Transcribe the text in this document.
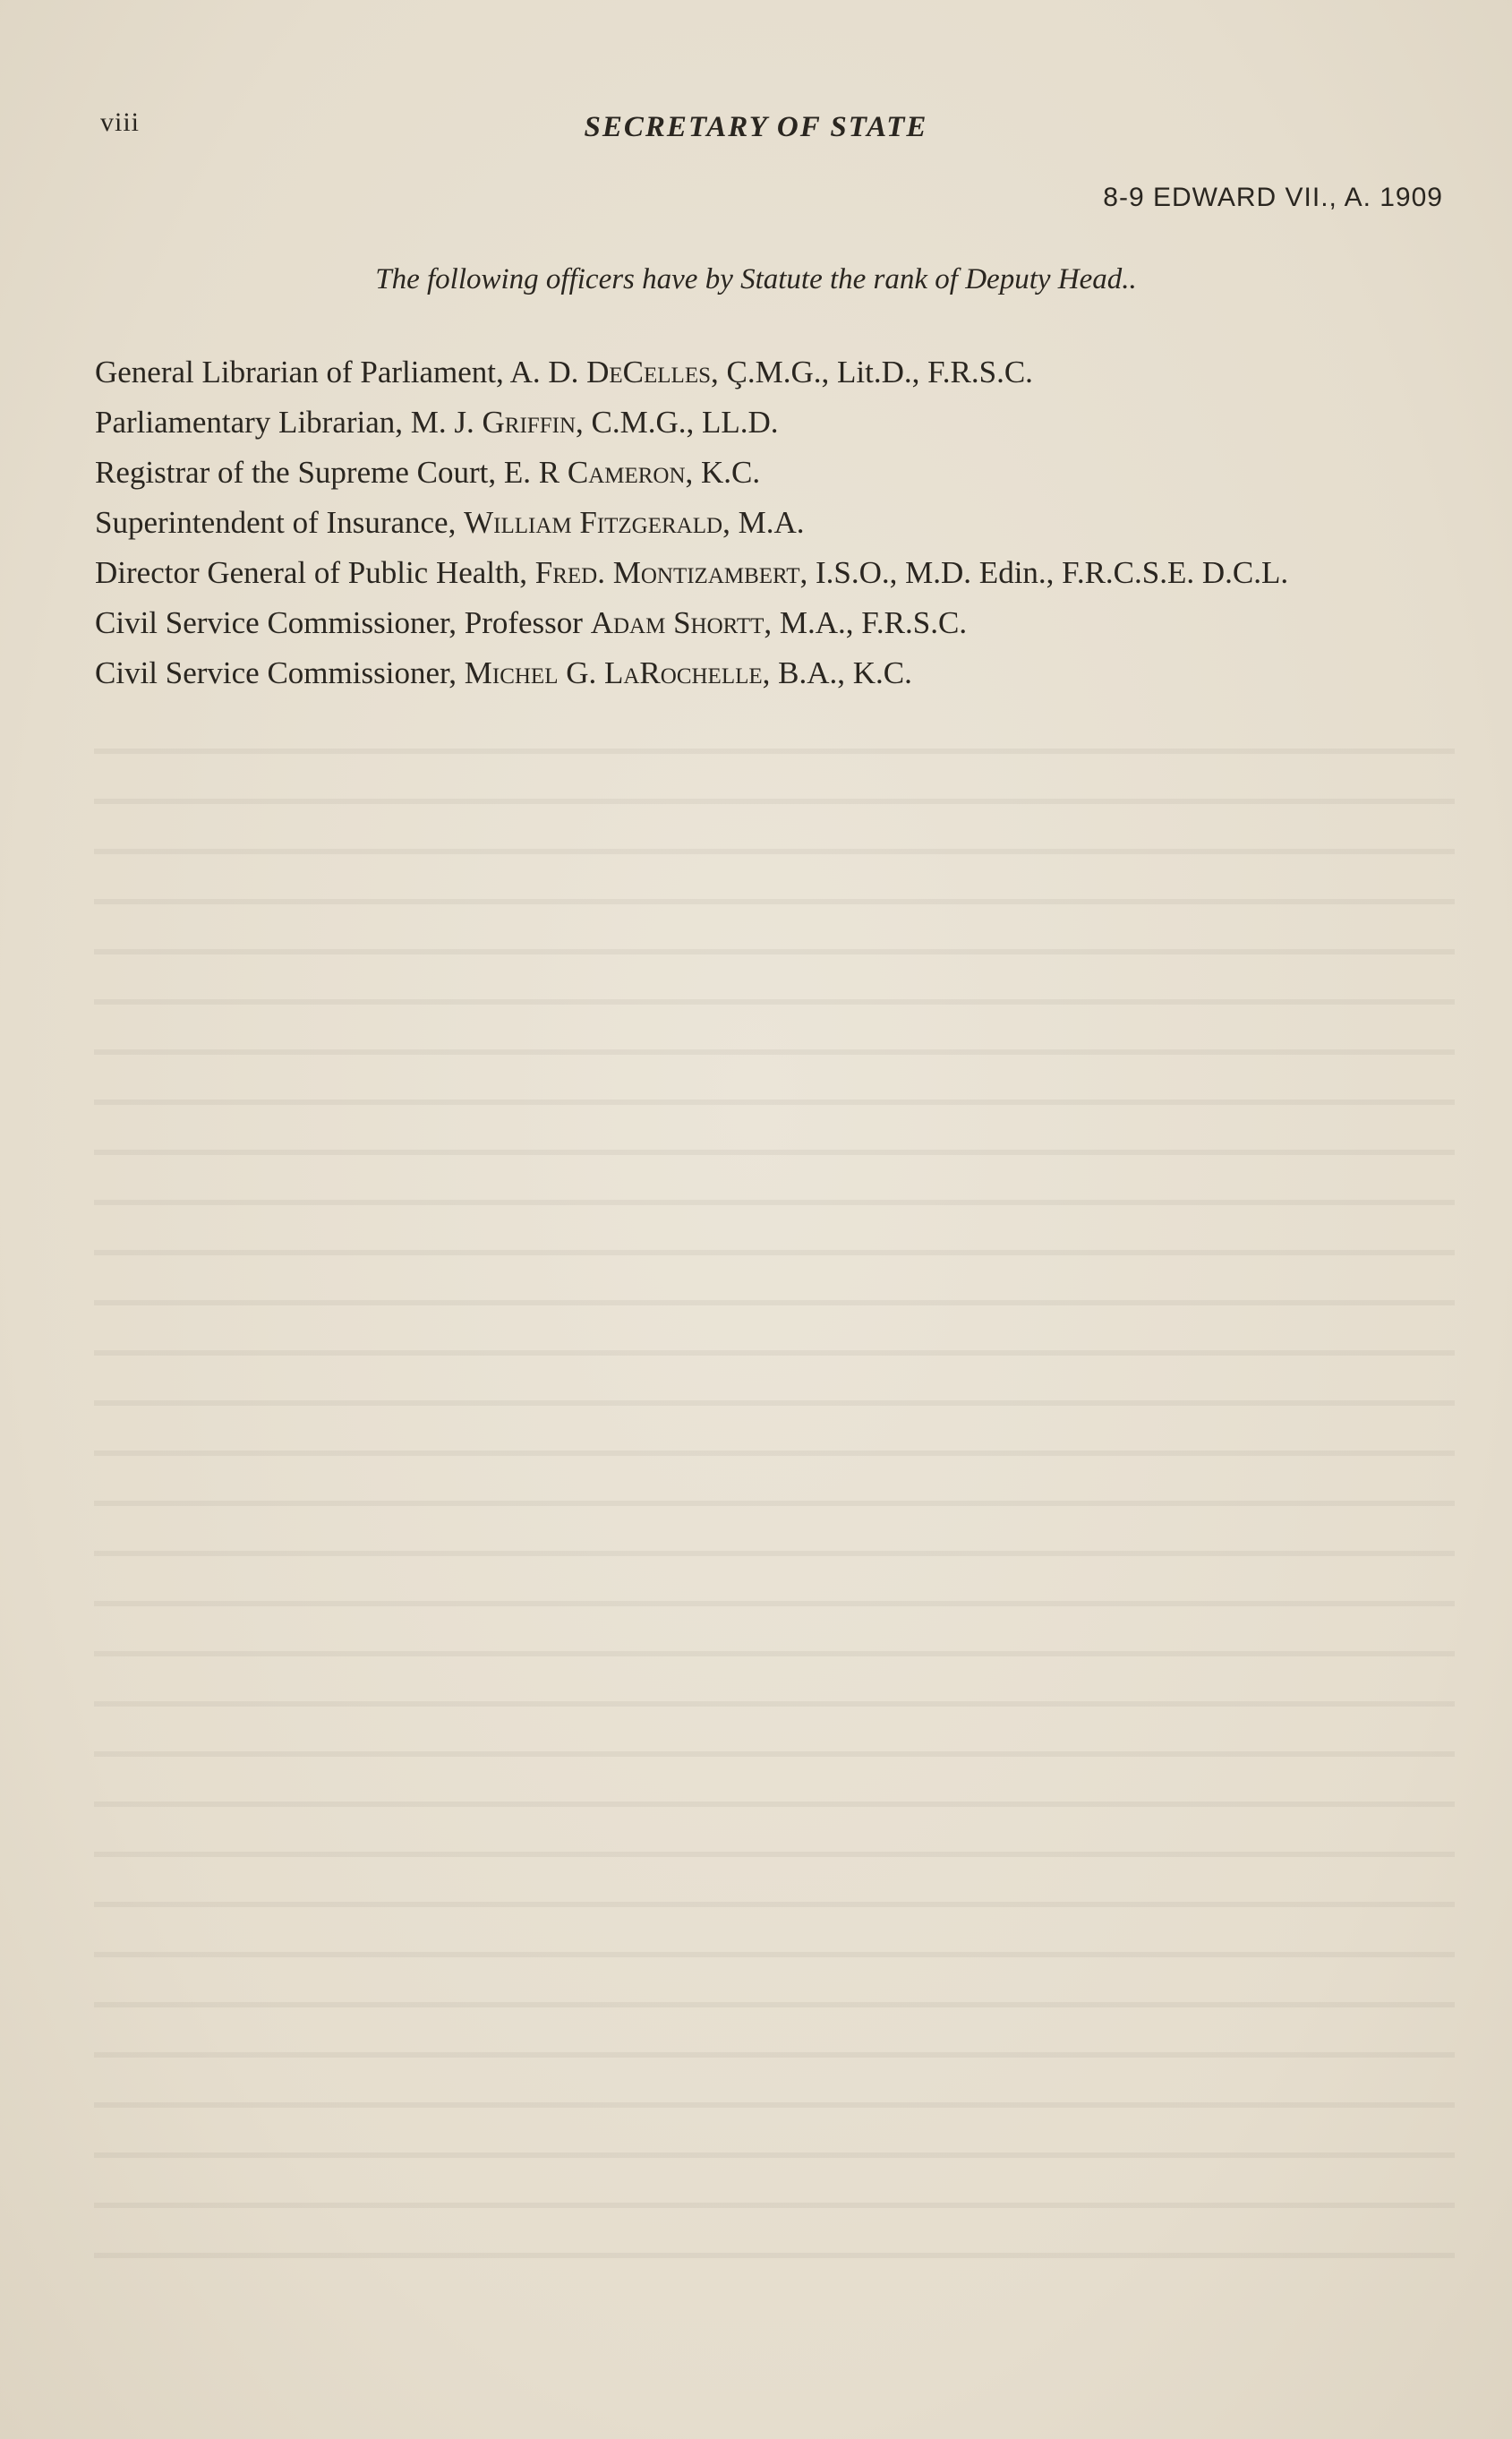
viii	SECRETARY OF STATE
8-9 EDWARD VII., A. 1909
The following officers have by Statute the rank of Deputy Head..
General Librarian of Parliament, A. D. DeCelles, Ç.M.G., Lit.D., F.R.S.C.
Parliamentary Librarian, M. J. Griffin, C.M.G., LL.D.
Registrar of the Supreme Court, E. R Cameron, K.C.
Superintendent of Insurance, William Fitzgerald, M.A.
Director General of Public Health, Fred. Montizambert, I.S.O., M.D. Edin., F.R.C.S.E. D.C.L.
Civil Service Commissioner, Professor Adam Shortt, M.A., F.R.S.C.
Civil Service Commissioner, Michel G. LaRochelle, B.A., K.C.
